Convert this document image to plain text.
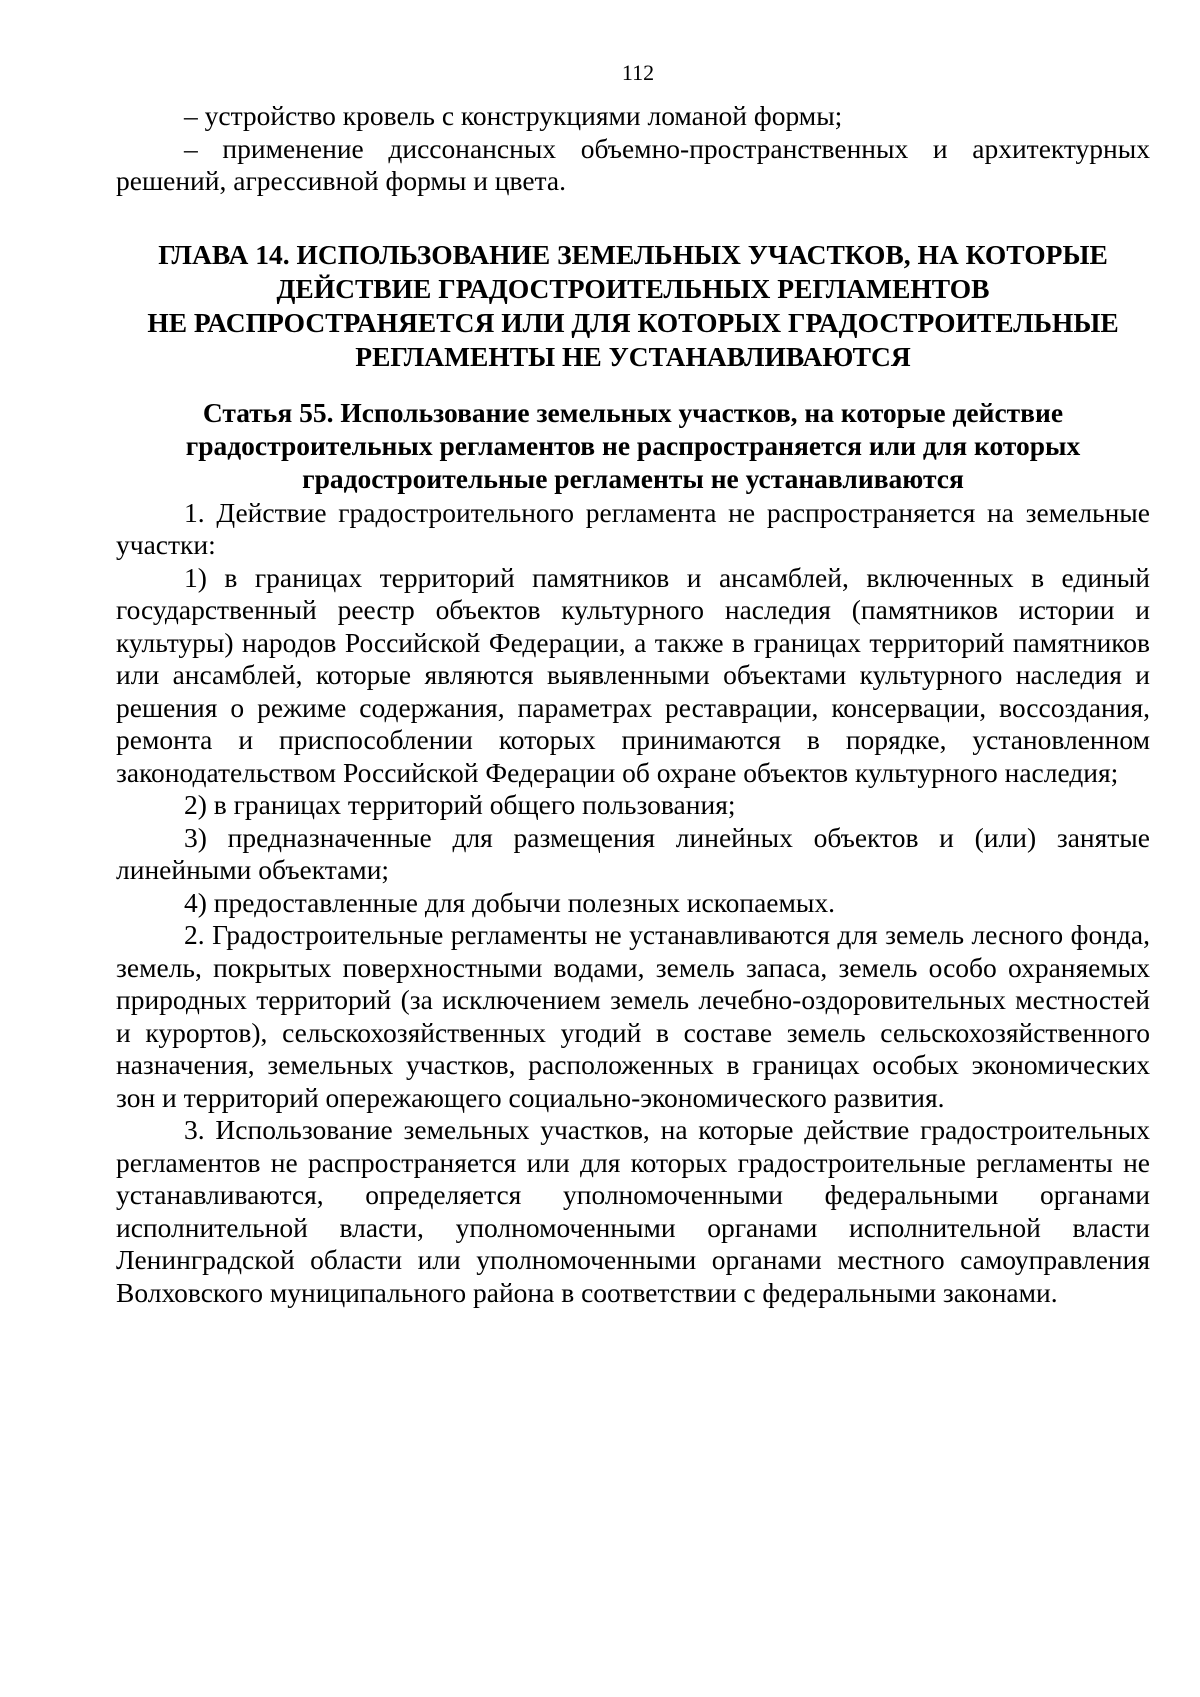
112

– устройство кровель с конструкциями ломаной формы;

– применение диссонансных объемно-пространственных и архитектурных решений, агрессивной формы и цвета.

ГЛАВА 14. ИСПОЛЬЗОВАНИЕ ЗЕМЕЛЬНЫХ УЧАСТКОВ, НА КОТОРЫЕ
ДЕЙСТВИЕ ГРАДОСТРОИТЕЛЬНЫХ РЕГЛАМЕНТОВ
НЕ РАСПРОСТРАНЯЕТСЯ ИЛИ ДЛЯ КОТОРЫХ ГРАДОСТРОИТЕЛЬНЫЕ
РЕГЛАМЕНТЫ НЕ УСТАНАВЛИВАЮТСЯ
Статья 55. Использование земельных участков, на которые действие
градостроительных регламентов не распространяется или для которых
градостроительные регламенты не устанавливаются

1. Действие градостроительного регламента не распространяется на земельные участки:

1) в границах территорий памятников и ансамблей, включенных в единый государственный реестр объектов культурного наследия (памятников истории и культуры) народов Российской Федерации, а также в границах территорий памятников или ансамблей, которые являются выявленными объектами культурного наследия и решения о режиме содержания, параметрах реставрации, консервации, воссоздания, ремонта и приспособлении которых принимаются в порядке, установленном законодательством Российской Федерации об охране объектов культурного наследия;

2) в границах территорий общего пользования;

3) предназначенные для размещения линейных объектов и (или) занятые линейными объектами;

4) предоставленные для добычи полезных ископаемых.

2. Градостроительные регламенты не устанавливаются для земель лесного фонда, земель, покрытых поверхностными водами, земель запаса, земель особо охраняемых природных территорий (за исключением земель лечебно-оздоровительных местностей и курортов), сельскохозяйственных угодий в составе земель сельскохозяйственного назначения, земельных участков, расположенных в границах особых экономических зон и территорий опережающего социально-экономического развития.

3. Использование земельных участков, на которые действие градостроительных регламентов не распространяется или для которых градостроительные регламенты не устанавливаются, определяется уполномоченными федеральными органами исполнительной власти, уполномоченными органами исполнительной власти Ленинградской области или уполномоченными органами местного самоуправления Волховского муниципального района в соответствии с федеральными законами.
